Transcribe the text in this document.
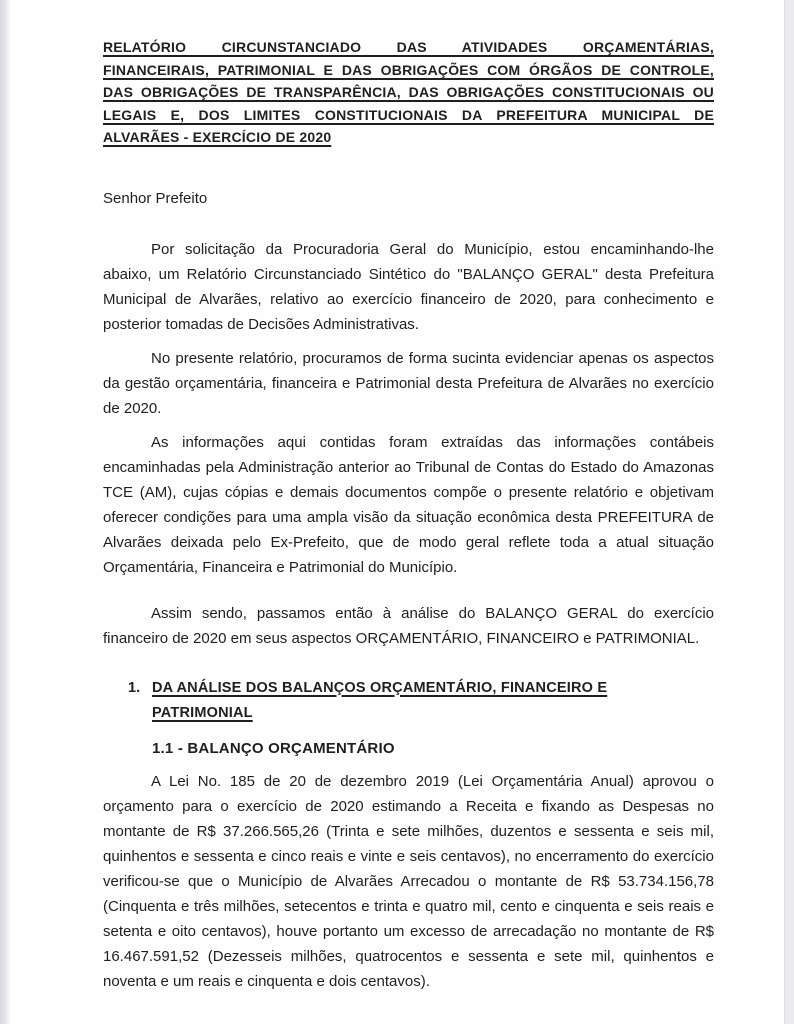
RELATÓRIO CIRCUNSTANCIADO DAS ATIVIDADES ORÇAMENTÁRIAS,
FINANCEIRAIS, PATRIMONIAL E DAS OBRIGAÇÕES COM ÓRGÃOS DE CONTROLE,
DAS OBRIGAÇÕES DE TRANSPARÊNCIA, DAS OBRIGAÇÕES CONSTITUCIONAIS OU
LEGAIS E, DOS LIMITES CONSTITUCIONAIS DA PREFEITURA MUNICIPAL DE
ALVARÃES - EXERCÍCIO DE 2020

Senhor Prefeito

Por solicitação da Procuradoria Geral do Município, estou encaminhando-lhe abaixo, um Relatório Circunstanciado Sintético do "BALANÇO GERAL" desta Prefeitura Municipal de Alvarães, relativo ao exercício financeiro de 2020, para conhecimento e posterior tomadas de Decisões Administrativas.

No presente relatório, procuramos de forma sucinta evidenciar apenas os aspectos da gestão orçamentária, financeira e Patrimonial desta Prefeitura de Alvarães no exercício de 2020.

As informações aqui contidas foram extraídas das informações contábeis encaminhadas pela Administração anterior ao Tribunal de Contas do Estado do Amazonas TCE (AM), cujas cópias e demais documentos compõe o presente relatório e objetivam oferecer condições para uma ampla visão da situação econômica desta PREFEITURA de Alvarães deixada pelo Ex-Prefeito, que de modo geral reflete toda a atual situação Orçamentária, Financeira e Patrimonial do Município.

Assim sendo, passamos então à análise do BALANÇO GERAL do exercício financeiro de 2020 em seus aspectos ORÇAMENTÁRIO, FINANCEIRO e PATRIMONIAL.

1. DA ANÁLISE DOS BALANÇOS ORÇAMENTÁRIO, FINANCEIRO E
PATRIMONIAL
1.1 - BALANÇO ORÇAMENTÁRIO

A Lei No. 185 de 20 de dezembro 2019 (Lei Orçamentária Anual) aprovou o orçamento para o exercício de 2020 estimando a Receita e fixando as Despesas no montante de R$ 37.266.565,26 (Trinta e sete milhões, duzentos e sessenta e seis mil, quinhentos e sessenta e cinco reais e vinte e seis centavos), no encerramento do exercício verificou-se que o Município de Alvarães Arrecadou o montante de R$ 53.734.156,78 (Cinquenta e três milhões, setecentos e trinta e quatro mil, cento e cinquenta e seis reais e setenta e oito centavos), houve portanto um excesso de arrecadação no montante de R$ 16.467.591,52 (Dezesseis milhões, quatrocentos e sessenta e sete mil, quinhentos e noventa e um reais e cinquenta e dois centavos).
